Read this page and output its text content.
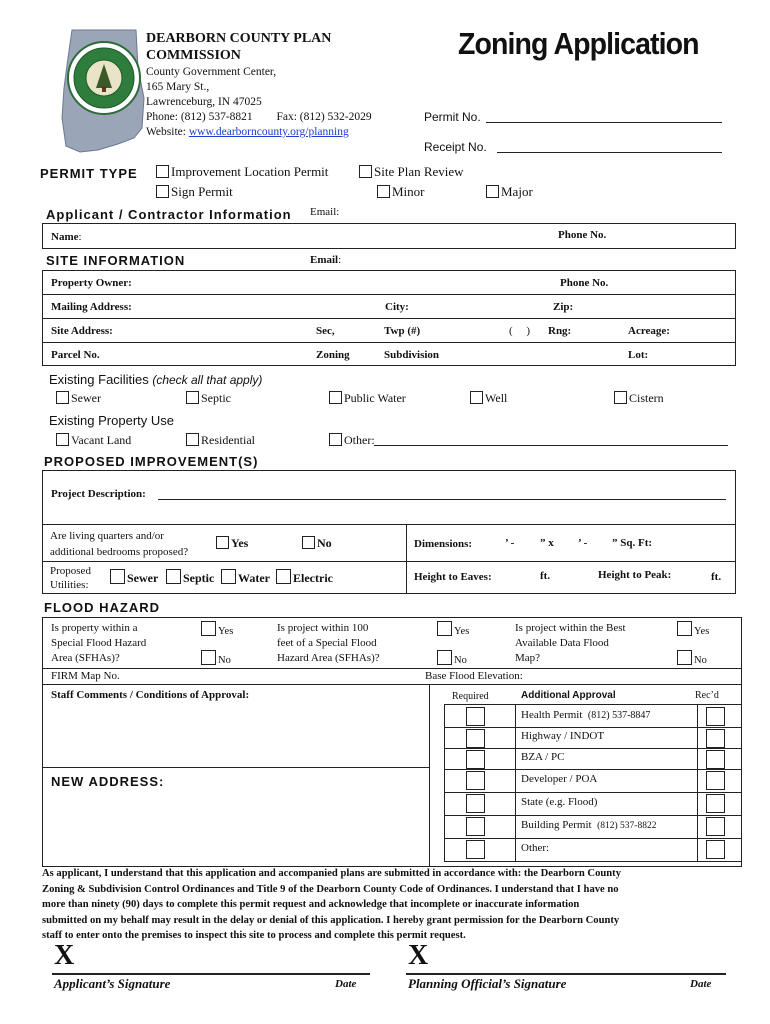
DEARBORN COUNTY PLAN
COMMISSION
County Government Center,
165 Mary St.,
Lawrenceburg, IN 47025
Phone: (812) 537-8821 Fax: (812) 532-2029
Website: www.dearborncounty.org/planning
Zoning Application
Permit No.
Receipt No.
PERMIT TYPE	Improvement Location Permit	Site Plan Review
Sign Permit	Minor	Major
Applicant / Contractor Information Email:
Name:	Phone No.
SITE INFORMATION	Email:
Property Owner:	Phone No.
Mailing Address:	City:	Zip:
Site Address:	Sec,	Twp (#)	(     ) Rng:	Acreage:
Parcel No.	Zoning	Subdivision	Lot:
Existing Facilities (check all that apply)
Sewer	Septic	Public Water	Well	Cistern
Existing Property Use
Vacant Land	Residential	Other:
PROPOSED IMPROVEMENT(S)
Project Description:
Are living quarters and/or
additional bedrooms proposed?
Yes	No	Dimensions:	’ - ” x ’ - ” Sq. Ft:
Proposed
Utilities:	Sewer	Septic	Water	Electric	Height to Eaves:	ft.	Height to Peak:	ft.
FLOOD HAZARD
Is property within a
Special Flood Hazard
Area (SFHAs)?
Yes
No
Is project within 100
feet of a Special Flood
Hazard Area (SFHAs)?
Yes
No
Is project within the Best
Available Data Flood
Map?
Yes
No
FIRM Map No.	Base Flood Elevation:
Staff Comments / Conditions of Approval:
NEW ADDRESS:
Required	Additional Approval	Rec’d
Health Permit (812) 537-8847
Highway / INDOT
BZA / PC
Developer / POA
State (e.g. Flood)
Building Permit (812) 537-8822
Other:
As applicant, I understand that this application and accompanied plans are submitted in accordance with: the Dearborn County
Zoning & Subdivision Control Ordinances and Title 9 of the Dearborn County Code of Ordinances. I understand that I have no
more than ninety (90) days to complete this permit request and acknowledge that incomplete or inaccurate information
submitted on my behalf may result in the delay or denial of this application. I hereby grant permission for the Dearborn County
staff to enter onto the premises to inspect this site to process and complete this permit request.
X
Applicant’s Signature	Date
X
Planning Official’s Signature	Date
